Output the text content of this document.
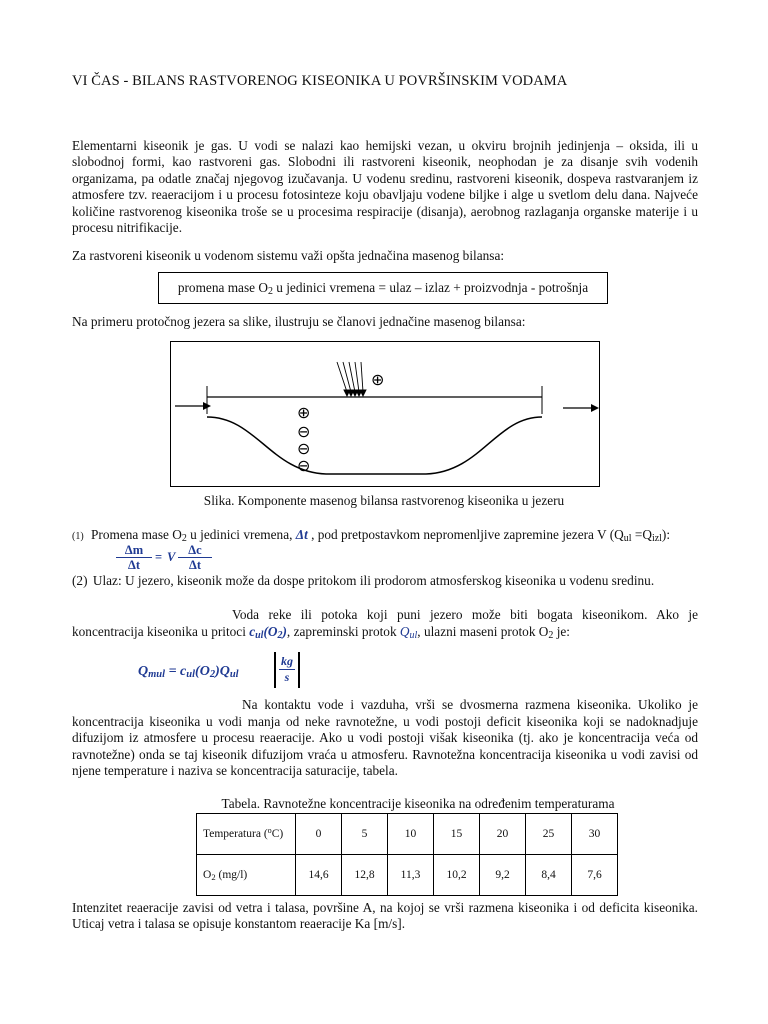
VI ČAS - BILANS RASTVORENOG KISEONIKA U POVRŠINSKIM VODAMA
Elementarni kiseonik je gas. U vodi se nalazi kao hemijski vezan, u okviru brojnih jedinjenja – oksida, ili u slobodnoj formi, kao rastvoreni gas. Slobodni ili rastvoreni kiseonik, neophodan je za disanje svih vodenih organizama, pa odatle značaj njegovog izučavanja. U vodenu sredinu, rastvoreni kiseonik, dospeva rastvaranjem iz atmosfere tzv. reaeracijom i u procesu fotosinteze koju obavljaju vodene biljke i alge u svetlom delu dana. Najveće količine rastvorenog kiseonika troše se u procesima respiracije (disanja), aerobnog razlaganja organske materije i u procesu nitrifikacije.
Za rastvoreni kiseonik u vodenom sistemu važi opšta jednačina masenog bilansa:
promena mase $O_2$ u jedinici vremena = ulaz – izlaz + proizvodnja - potrošnja
Na primeru protočnog jezera sa slike, ilustruju se članovi jednačine masenog bilansa:
⊕
⊕
⊖
⊖
⊖
Slika. Komponente masenog bilansa rastvorenog kiseonika u jezeru
(1) Promena mase $O_2$ u jedinici vremena, Δt , pod pretpostavkom nepromenljive zapremine jezera V $(Q_{ul} =Q_{izl})$:
Δm
Δt
= V	Δc
Δt
(2) Ulaz: U jezero, kiseonik može da dospe pritokom ili prodorom atmosferskog kiseonika u vodenu sredinu.
Voda reke ili potoka koji puni jezero može biti bogata kiseonikom. Ako je
koncentracija kiseonika u pritoci $c_{ul}(O_2)$, zapreminski protok $Q_{ul}$, ulazni maseni protok $O_2$ je:
$Q_{mul} = c_{ul}(O_2)Q_{ul}$
kg
s
Na kontaktu vode i vazduha, vrši se dvosmerna razmena kiseonika. Ukoliko je
koncentracija kiseonika u vodi manja od neke ravnotežne, u vodi postoji deficit kiseonika koji se nadoknadjuje difuzijom iz atmosfere u procesu reaeracije. Ako u vodi postoji višak kiseonika (tj. ako je koncentracija veća od ravnotežne) onda se taj kiseonik difuzijom vraća u atmosferu. Ravnotežna koncentracija kiseonika u vodi zavisi od njene temperature i naziva se koncentracija saturacije, tabela.
Tabela. Ravnotežne koncentracije kiseonika na određenim temperaturama
Temperatura ($^o$C)	0	5	10	15	20	25	30
$O_2$ (mg/l)	14,6	12,8	11,3	10,2	9,2	8,4	7,6
Intenzitet reaeracije zavisi od vetra i talasa, površine A, na kojoj se vrši razmena kiseonika i od deficita kiseonika. Uticaj vetra i talasa se opisuje konstantom reaeracije Ka [m/s].
